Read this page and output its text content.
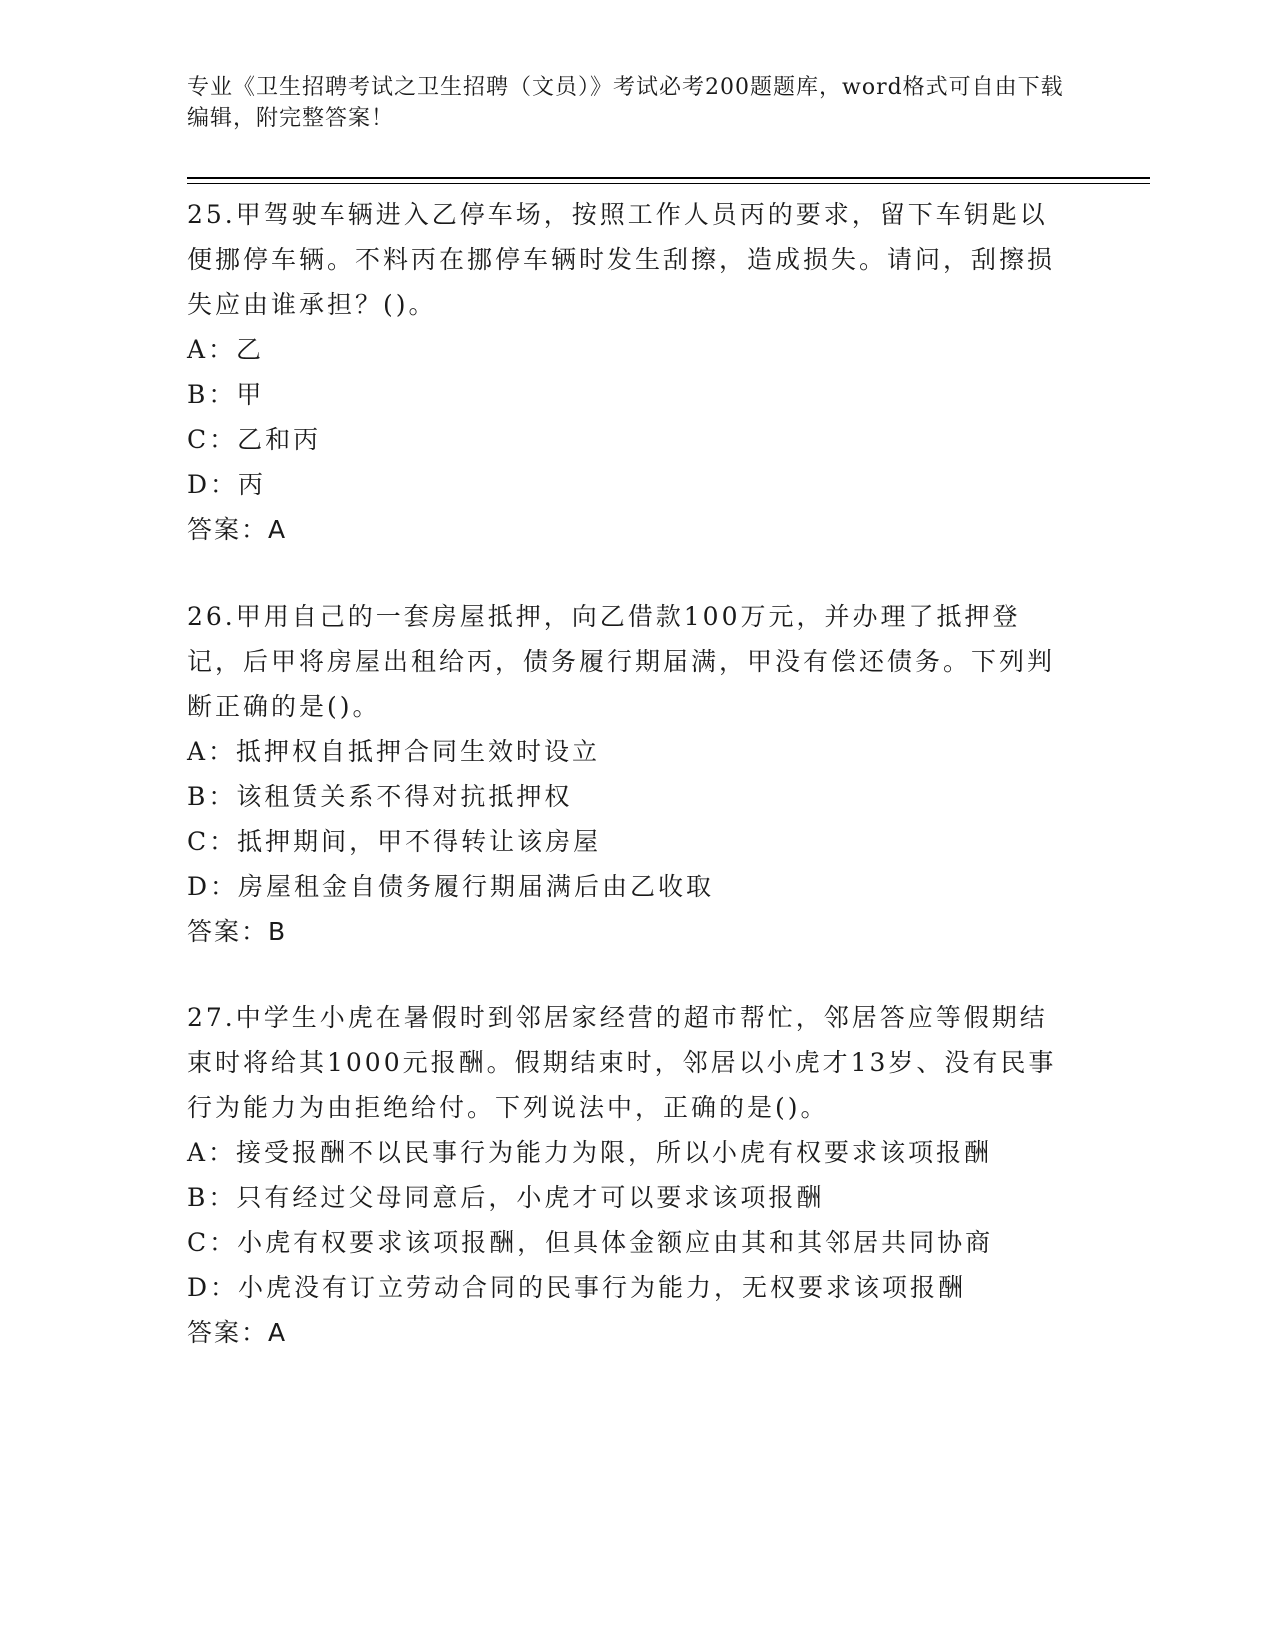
专业《卫生招聘考试之卫生招聘（文员）》考试必考200题题库，word格式可自由下载编辑，附完整答案！

25.甲驾驶车辆进入乙停车场，按照工作人员丙的要求，留下车钥匙以便挪停车辆。不料丙在挪停车辆时发生刮擦，造成损失。请问，刮擦损失应由谁承担？()。

A：乙

B：甲

C：乙和丙

D：丙

答案：A

26.甲用自己的一套房屋抵押，向乙借款100万元，并办理了抵押登记，后甲将房屋出租给丙，债务履行期届满，甲没有偿还债务。下列判断正确的是()。

A：抵押权自抵押合同生效时设立

B：该租赁关系不得对抗抵押权

C：抵押期间，甲不得转让该房屋

D：房屋租金自债务履行期届满后由乙收取

答案：B

27.中学生小虎在暑假时到邻居家经营的超市帮忙，邻居答应等假期结束时将给其1000元报酬。假期结束时，邻居以小虎才13岁、没有民事行为能力为由拒绝给付。下列说法中，正确的是()。

A：接受报酬不以民事行为能力为限，所以小虎有权要求该项报酬

B：只有经过父母同意后，小虎才可以要求该项报酬

C：小虎有权要求该项报酬，但具体金额应由其和其邻居共同协商

D：小虎没有订立劳动合同的民事行为能力，无权要求该项报酬

答案：A
